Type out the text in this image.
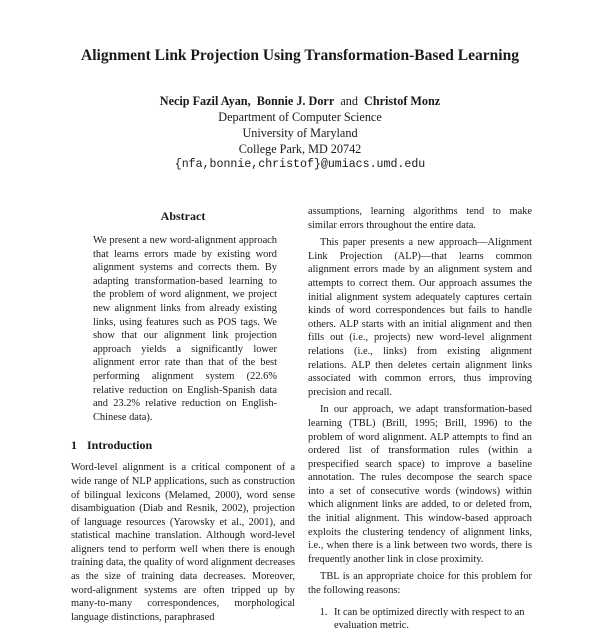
Alignment Link Projection Using Transformation-Based Learning
Necip Fazil Ayan, Bonnie J. Dorr and Christof Monz
Department of Computer Science
University of Maryland
College Park, MD 20742
{nfa,bonnie,christof}@umiacs.umd.edu
Abstract

We present a new word-alignment approach that learns errors made by existing word alignment systems and corrects them. By adapting transformation-based learning to the problem of word alignment, we project new alignment links from already existing links, using features such as POS tags. We show that our alignment link projection approach yields a significantly lower alignment error rate than that of the best performing alignment system (22.6% relative reduction on English-Spanish data and 23.2% relative reduction on English-Chinese data).

1 Introduction

Word-level alignment is a critical component of a wide range of NLP applications, such as construction of bilingual lexicons (Melamed, 2000), word sense disambiguation (Diab and Resnik, 2002), projection of language resources (Yarowsky et al., 2001), and statistical machine translation. Although word-level aligners tend to perform well when there is enough training data, the quality of word alignment decreases as the size of training data decreases. Moreover, word-alignment systems are often tripped up by many-to-many correspondences, morphological language distinctions, paraphrased

assumptions, learning algorithms tend to make similar errors throughout the entire data.

This paper presents a new approach—Alignment Link Projection (ALP)—that learns common alignment errors made by an alignment system and attempts to correct them. Our approach assumes the initial alignment system adequately captures certain kinds of word correspondences but fails to handle others. ALP starts with an initial alignment and then fills out (i.e., projects) new word-level alignment relations (i.e., links) from existing alignment relations. ALP then deletes certain alignment links associated with common errors, thus improving precision and recall.

In our approach, we adapt transformation-based learning (TBL) (Brill, 1995; Brill, 1996) to the problem of word alignment. ALP attempts to find an ordered list of transformation rules (within a prespecified search space) to improve a baseline annotation. The rules decompose the search space into a set of consecutive words (windows) within which alignment links are added, to or deleted from, the initial alignment. This window-based approach exploits the clustering tendency of alignment links, i.e., when there is a link between two words, there is frequently another link in close proximity.

TBL is an appropriate choice for this problem for the following reasons:

1. It can be optimized directly with respect to an evaluation metric.
